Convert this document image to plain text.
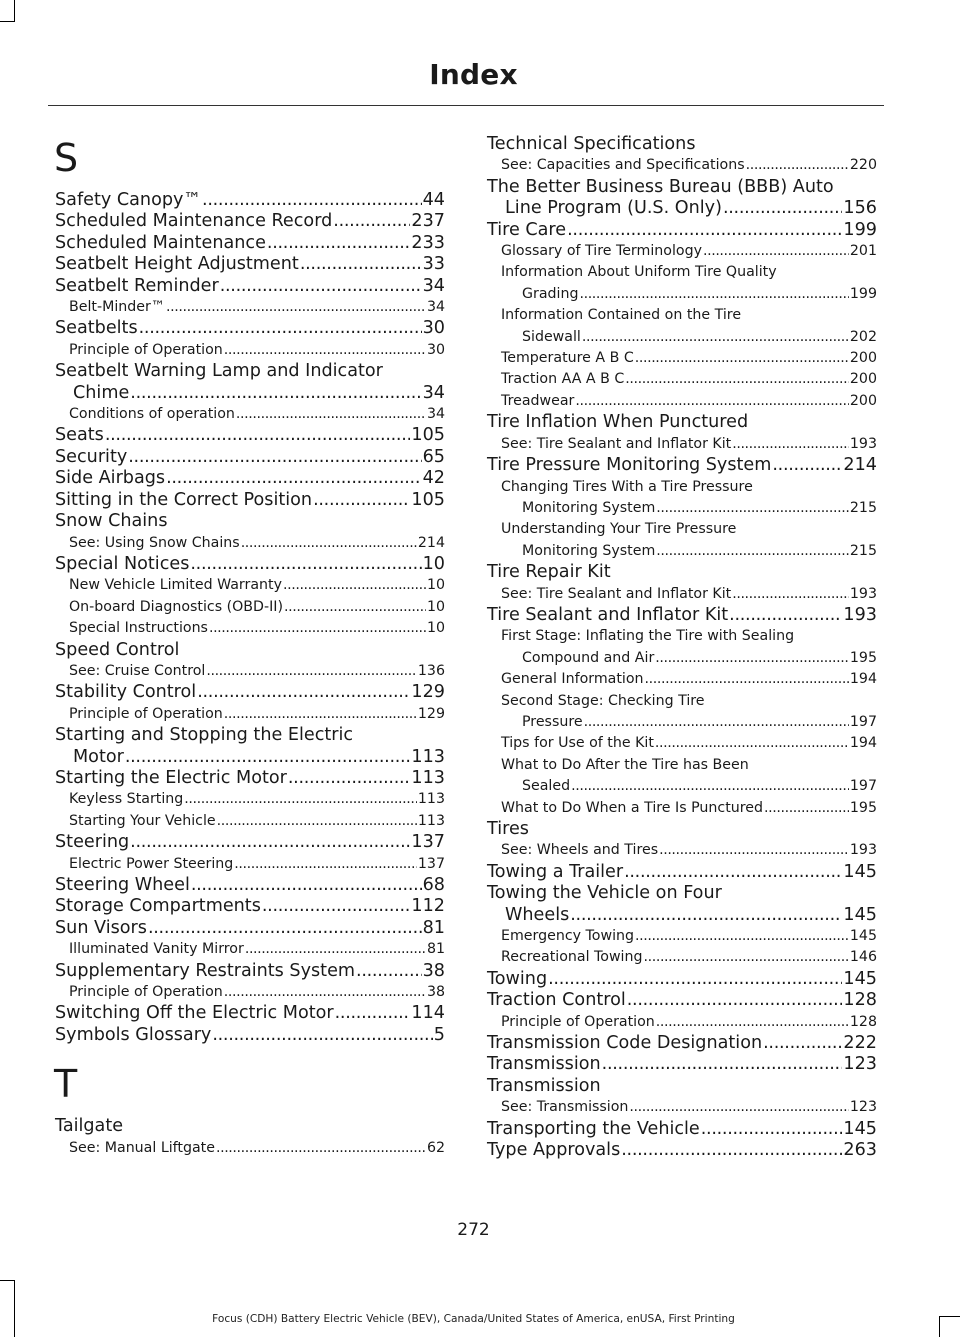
Index
S
Safety Canopy™ .....	44
Scheduled Maintenance Record .....	237
Scheduled Maintenance .....	233
Seatbelt Height Adjustment .....	33
Seatbelt Reminder .....	34
Belt-Minder™ .....	34
Seatbelts .....	30
Principle of Operation .....	30
Seatbelt Warning Lamp and Indicator
Chime .....	34
Conditions of operation .....	34
Seats .....	105
Security .....	65
Side Airbags .....	42
Sitting in the Correct Position .....	105
Snow Chains
See: Using Snow Chains .....	214
Special Notices .....	10
New Vehicle Limited Warranty .....	10
On-board Diagnostics (OBD-II) .....	10
Special Instructions .....	10
Speed Control
See: Cruise Control .....	136
Stability Control .....	129
Principle of Operation .....	129
Starting and Stopping the Electric
Motor .....	113
Starting the Electric Motor .....	113
Keyless Starting .....	113
Starting Your Vehicle .....	113
Steering .....	137
Electric Power Steering .....	137
Steering Wheel .....	68
Storage Compartments .....	112
Sun Visors .....	81
Illuminated Vanity Mirror .....	81
Supplementary Restraints System .....	38
Principle of Operation .....	38
Switching Off the Electric Motor .....	114
Symbols Glossary .....	5
T
Tailgate
See: Manual Liftgate .....	62
Technical Specifications
See: Capacities and Specifications .....	220
The Better Business Bureau (BBB) Auto
Line Program (U.S. Only) .....	156
Tire Care .....	199
Glossary of Tire Terminology .....	201
Information About Uniform Tire Quality
Grading .....	199
Information Contained on the Tire
Sidewall .....	202
Temperature A B C .....	200
Traction AA A B C .....	200
Treadwear .....	200
Tire Inflation When Punctured
See: Tire Sealant and Inflator Kit .....	193
Tire Pressure Monitoring System .....	214
Changing Tires With a Tire Pressure
Monitoring System .....	215
Understanding Your Tire Pressure
Monitoring System .....	215
Tire Repair Kit
See: Tire Sealant and Inflator Kit .....	193
Tire Sealant and Inflator Kit .....	193
First Stage: Inflating the Tire with Sealing
Compound and Air .....	195
General Information .....	194
Second Stage: Checking Tire
Pressure .....	197
Tips for Use of the Kit .....	194
What to Do After the Tire has Been
Sealed .....	197
What to Do When a Tire Is Punctured .....	195
Tires
See: Wheels and Tires .....	193
Towing a Trailer .....	145
Towing the Vehicle on Four
Wheels .....	145
Emergency Towing .....	145
Recreational Towing .....	146
Towing .....	145
Traction Control .....	128
Principle of Operation .....	128
Transmission Code Designation .....	222
Transmission .....	123
Transmission
See: Transmission .....	123
Transporting the Vehicle .....	145
Type Approvals .....	263
272
Focus (CDH) Battery Electric Vehicle (BEV), Canada/United States of America, enUSA, First Printing
